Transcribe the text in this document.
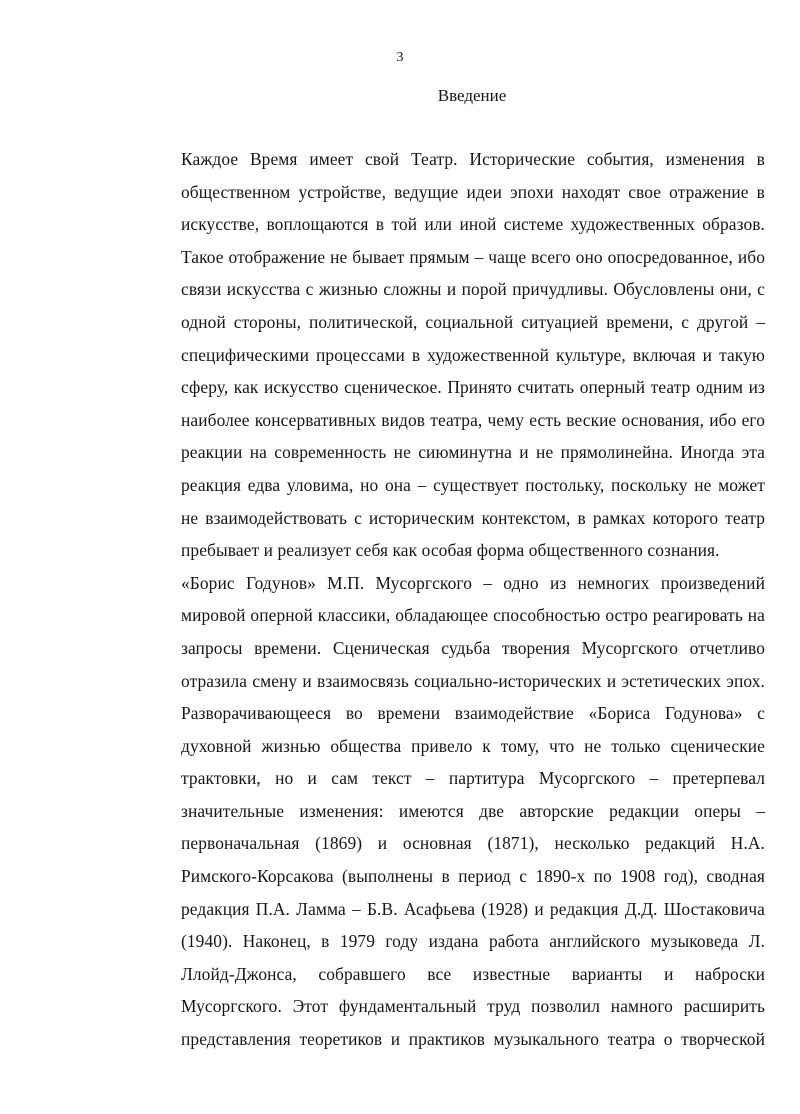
3
Введение

Каждое Время имеет свой Театр. Исторические события, изменения в
общественном устройстве, ведущие идеи эпохи находят свое отражение в
искусстве, воплощаются в той или иной системе художественных образов.
Такое отображение не бывает прямым – чаще всего оно опосредованное, ибо
связи искусства с жизнью сложны и порой причудливы. Обусловлены они, с
одной стороны, политической, социальной ситуацией времени, с другой –
специфическими процессами в художественной культуре, включая и такую
сферу, как искусство сценическое. Принято считать оперный театр одним из
наиболее консервативных видов театра, чему есть веские основания, ибо его
реакции на современность не сиюминутна и не прямолинейна. Иногда эта
реакция едва уловима, но она – существует постольку, поскольку не может
не взаимодействовать с историческим контекстом, в рамках которого театр
пребывает и реализует себя как особая форма общественного сознания.

«Борис Годунов» М.П. Мусоргского – одно из немногих произведений
мировой оперной классики, обладающее способностью остро реагировать на
запросы времени. Сценическая судьба творения Мусоргского отчетливо
отразила смену и взаимосвязь социально-исторических и эстетических эпох.
Разворачивающееся во времени взаимодействие «Бориса Годунова» с
духовной жизнью общества привело к тому, что не только сценические
трактовки, но и сам текст – партитура Мусоргского – претерпевал
значительные изменения: имеются две авторские редакции оперы –
первоначальная (1869) и основная (1871), несколько редакций Н.А.
Римского-Корсакова (выполнены в период с 1890-х по 1908 год), сводная
редакция П.А. Ламма – Б.В. Асафьева (1928) и редакция Д.Д. Шостаковича
(1940). Наконец, в 1979 году издана работа английского музыковеда Л.
Ллойд-Джонса, собравшего все известные варианты и наброски
Мусоргского. Этот фундаментальный труд позволил намного расширить
представления теоретиков и практиков музыкального театра о творческой
